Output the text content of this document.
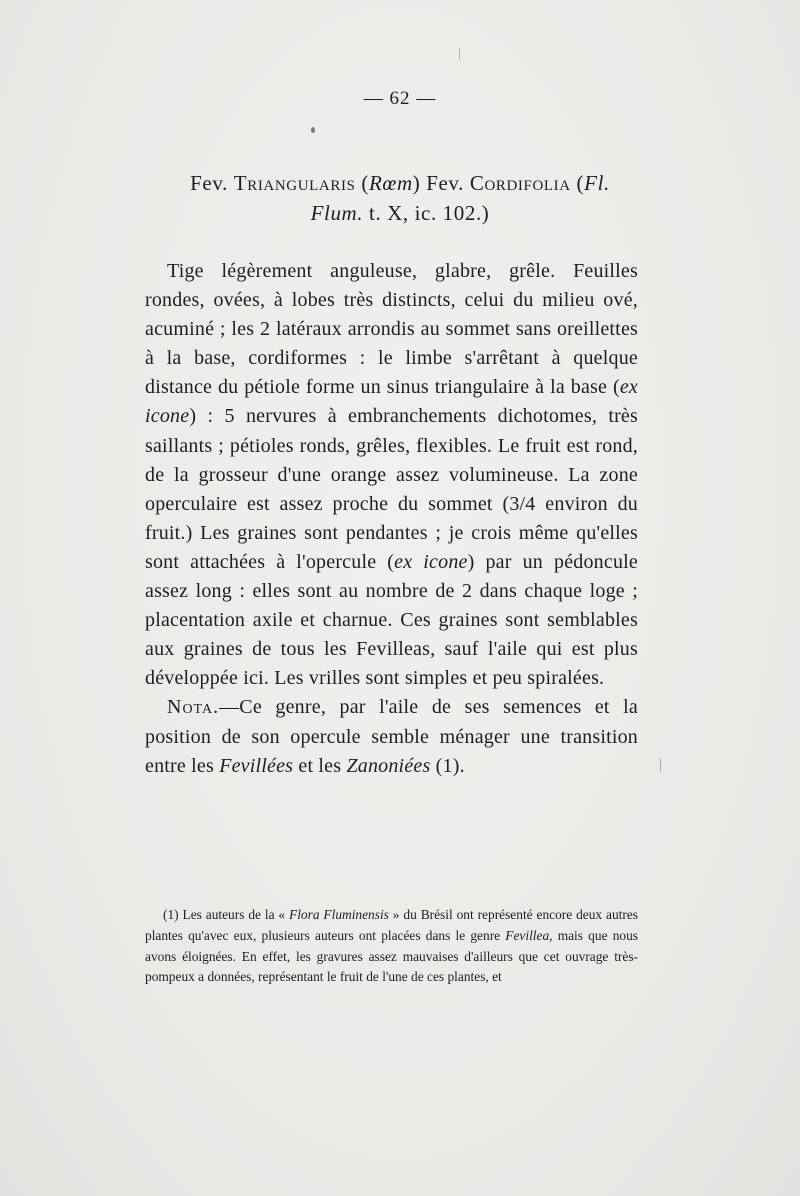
— 62 —
Fev. Triangularis (Rœm) Fev. Cordifolia (Fl.
Flum. t. X, ic. 102.)

Tige légèrement anguleuse, glabre, grêle. Feuilles rondes, ovées, à lobes très distincts, celui du milieu ové, acuminé ; les 2 latéraux arrondis au sommet sans oreillettes à la base, cordiformes : le limbe s'arrêtant à quelque distance du pétiole forme un sinus triangulaire à la base (ex icone) : 5 nervures à embranchements dichotomes, très saillants ; pétioles ronds, grêles, flexibles. Le fruit est rond, de la grosseur d'une orange assez volumineuse. La zone operculaire est assez proche du sommet (3/4 environ du fruit.) Les graines sont pendantes ; je crois même qu'elles sont attachées à l'opercule (ex icone) par un pédoncule assez long : elles sont au nombre de 2 dans chaque loge ; placentation axile et charnue. Ces graines sont semblables aux graines de tous les Fevilleas, sauf l'aile qui est plus développée ici. Les vrilles sont simples et peu spiralées.

Nota.—Ce genre, par l'aile de ses semences et la position de son opercule semble ménager une transition entre les Fevillées et les Zanoniées (1).

(1) Les auteurs de la « Flora Fluminensis » du Brésil ont représenté encore deux autres plantes qu'avec eux, plusieurs auteurs ont placées dans le genre Fevillea, mais que nous avons éloignées. En effet, les gravures assez mauvaises d'ailleurs que cet ouvrage très-pompeux a données, représentant le fruit de l'une de ces plantes, et
